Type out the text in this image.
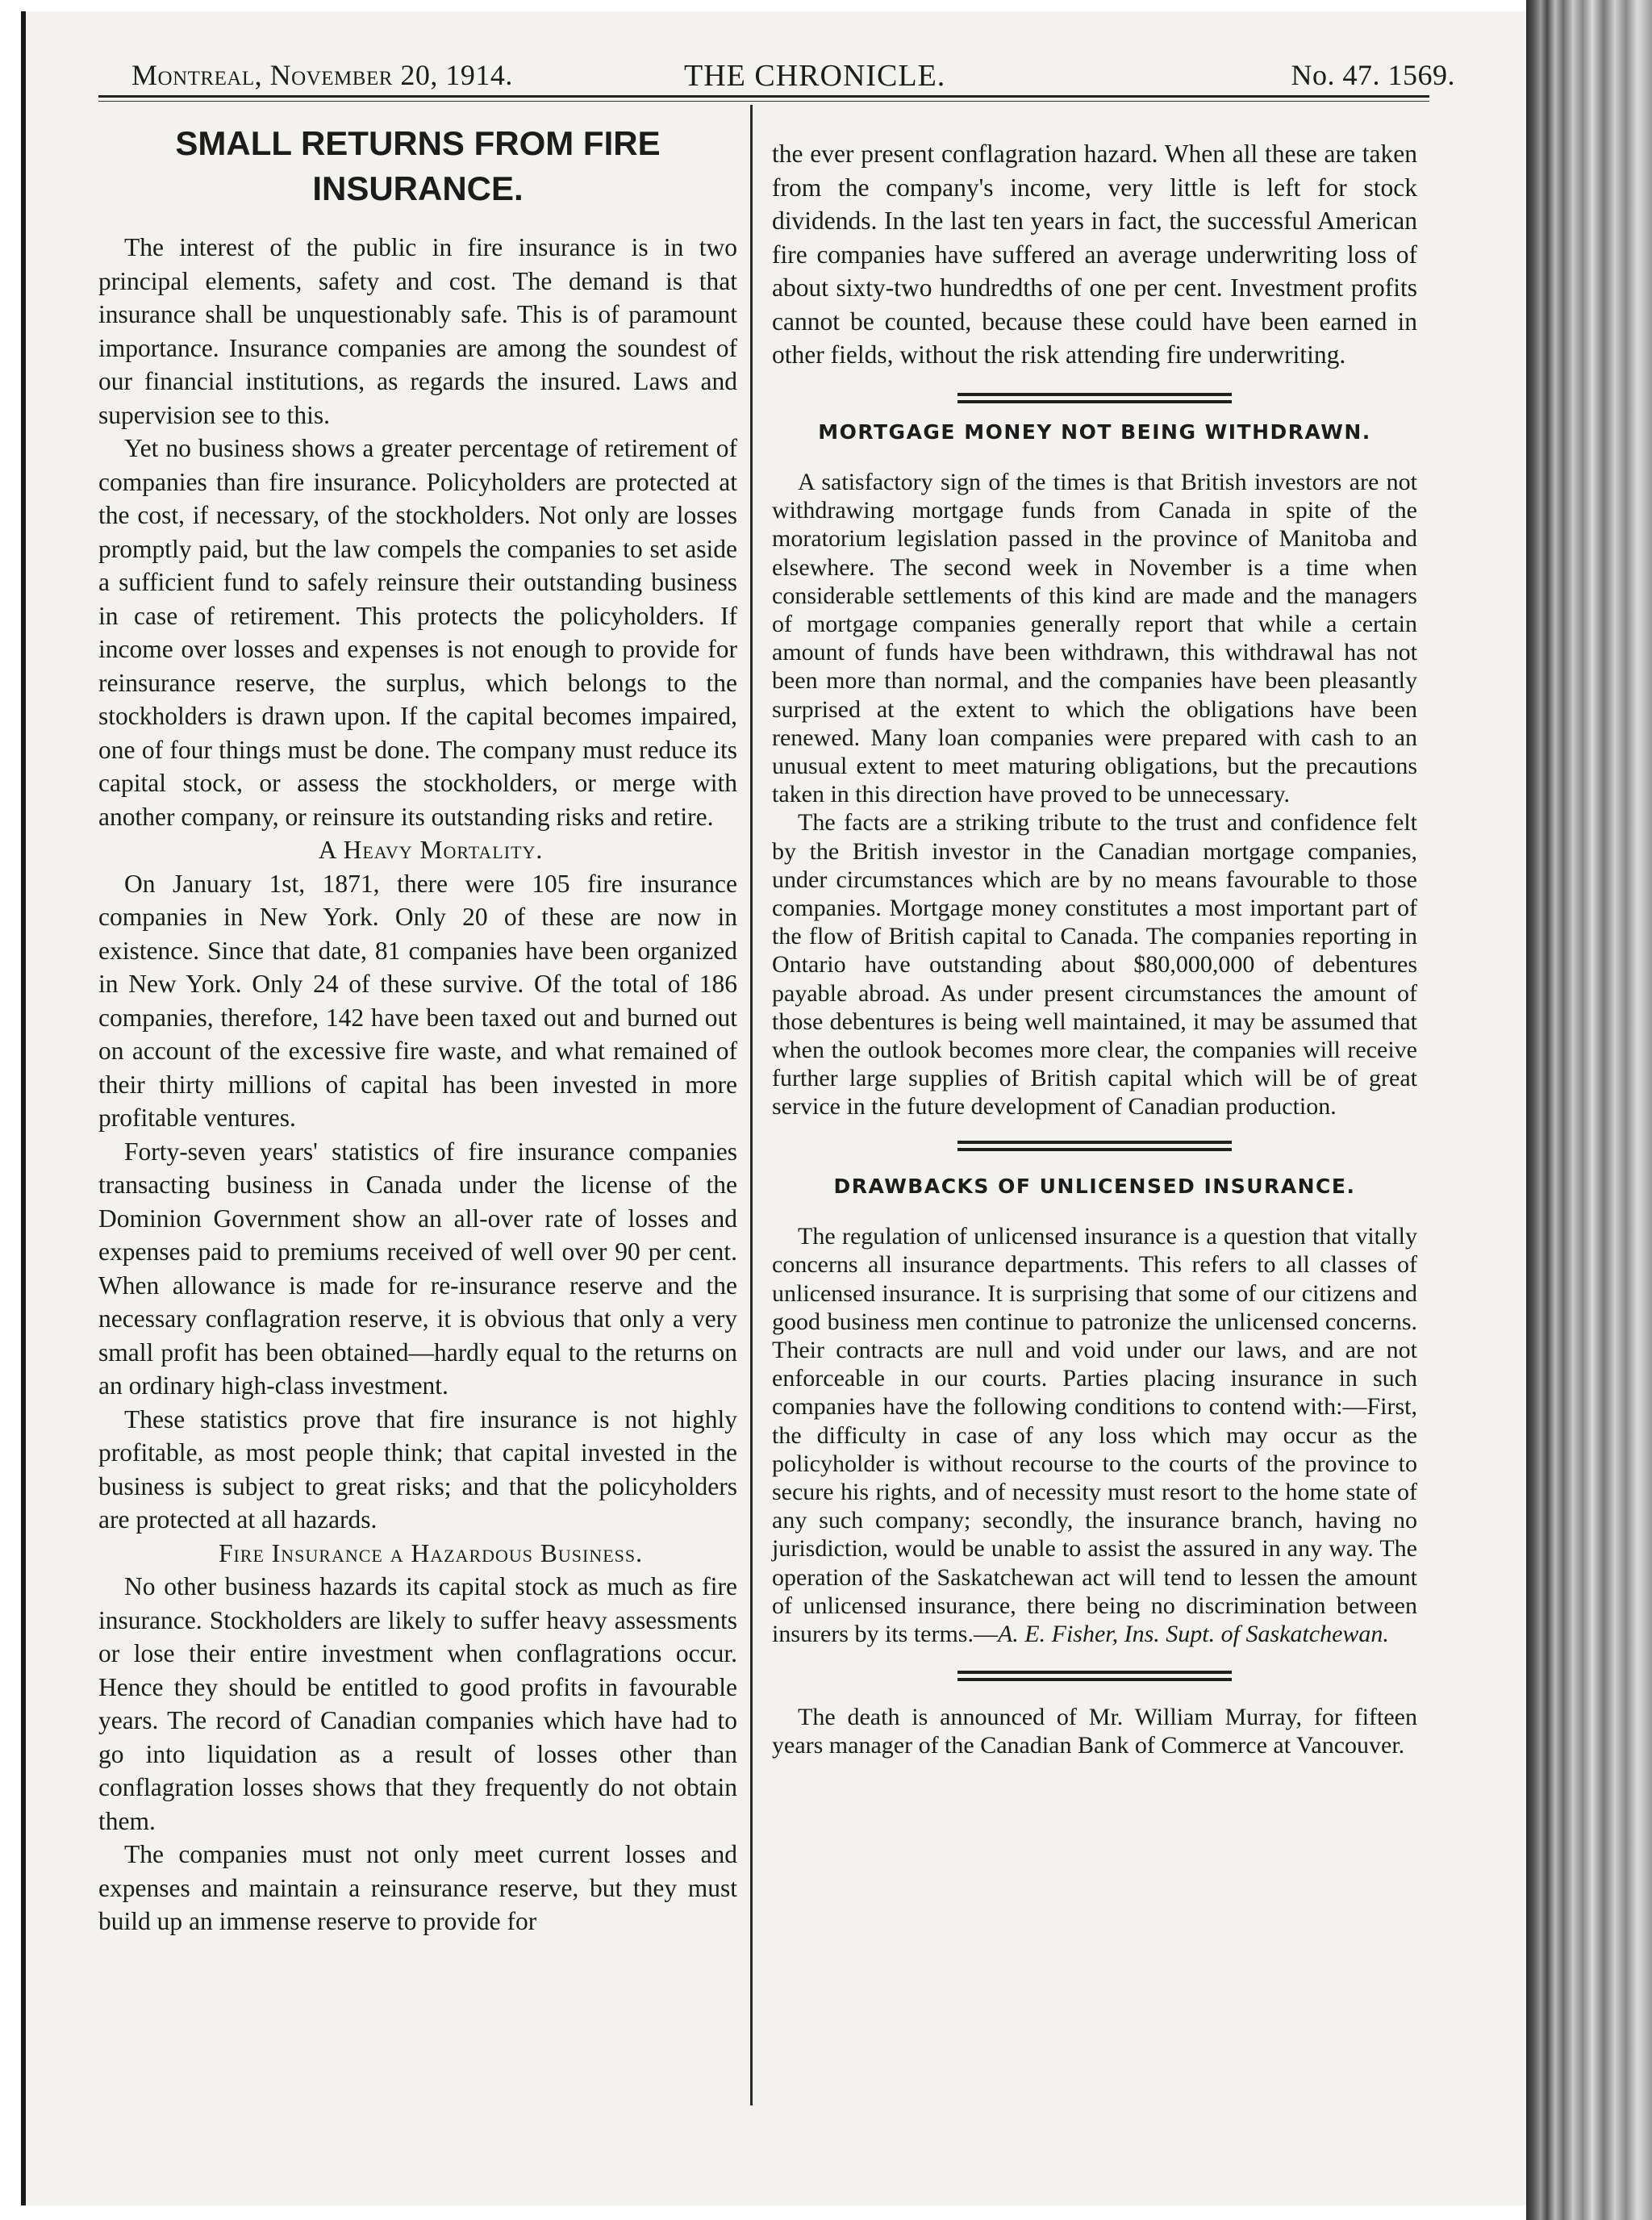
Montreal, November 20, 1914.	THE CHRONICLE.	No. 47. 1569.
SMALL RETURNS FROM FIRE INSURANCE.

The interest of the public in fire insurance is in two principal elements, safety and cost. The demand is that insurance shall be unquestionably safe. This is of paramount importance. Insurance companies are among the soundest of our financial institutions, as regards the insured. Laws and supervision see to this.

Yet no business shows a greater percentage of retirement of companies than fire insurance. Policyholders are protected at the cost, if necessary, of the stockholders. Not only are losses promptly paid, but the law compels the companies to set aside a sufficient fund to safely reinsure their outstanding business in case of retirement. This protects the policyholders. If income over losses and expenses is not enough to provide for reinsurance reserve, the surplus, which belongs to the stockholders is drawn upon. If the capital becomes impaired, one of four things must be done. The company must reduce its capital stock, or assess the stockholders, or merge with another company, or reinsure its outstanding risks and retire.

A Heavy Mortality.

On January 1st, 1871, there were 105 fire insurance companies in New York. Only 20 of these are now in existence. Since that date, 81 companies have been organized in New York. Only 24 of these survive. Of the total of 186 companies, therefore, 142 have been taxed out and burned out on account of the excessive fire waste, and what remained of their thirty millions of capital has been invested in more profitable ventures.

Forty-seven years' statistics of fire insurance companies transacting business in Canada under the license of the Dominion Government show an all-over rate of losses and expenses paid to premiums received of well over 90 per cent. When allowance is made for re-insurance reserve and the necessary conflagration reserve, it is obvious that only a very small profit has been obtained—hardly equal to the returns on an ordinary high-class investment.

These statistics prove that fire insurance is not highly profitable, as most people think; that capital invested in the business is subject to great risks; and that the policyholders are protected at all hazards.

Fire Insurance a Hazardous Business.

No other business hazards its capital stock as much as fire insurance. Stockholders are likely to suffer heavy assessments or lose their entire investment when conflagrations occur. Hence they should be entitled to good profits in favourable years. The record of Canadian companies which have had to go into liquidation as a result of losses other than conflagration losses shows that they frequently do not obtain them.

The companies must not only meet current losses and expenses and maintain a reinsurance reserve, but they must build up an immense reserve to provide for

the ever present conflagration hazard. When all these are taken from the company's income, very little is left for stock dividends. In the last ten years in fact, the successful American fire companies have suffered an average underwriting loss of about sixty-two hundredths of one per cent. Investment profits cannot be counted, because these could have been earned in other fields, without the risk attending fire underwriting.

MORTGAGE MONEY NOT BEING WITHDRAWN.

A satisfactory sign of the times is that British investors are not withdrawing mortgage funds from Canada in spite of the moratorium legislation passed in the province of Manitoba and elsewhere. The second week in November is a time when considerable settlements of this kind are made and the managers of mortgage companies generally report that while a certain amount of funds have been withdrawn, this withdrawal has not been more than normal, and the companies have been pleasantly surprised at the extent to which the obligations have been renewed. Many loan companies were prepared with cash to an unusual extent to meet maturing obligations, but the precautions taken in this direction have proved to be unnecessary.

The facts are a striking tribute to the trust and confidence felt by the British investor in the Canadian mortgage companies, under circumstances which are by no means favourable to those companies. Mortgage money constitutes a most important part of the flow of British capital to Canada. The companies reporting in Ontario have outstanding about $80,000,000 of debentures payable abroad. As under present circumstances the amount of those debentures is being well maintained, it may be assumed that when the outlook becomes more clear, the companies will receive further large supplies of British capital which will be of great service in the future development of Canadian production.

DRAWBACKS OF UNLICENSED INSURANCE.

The regulation of unlicensed insurance is a question that vitally concerns all insurance departments. This refers to all classes of unlicensed insurance. It is surprising that some of our citizens and good business men continue to patronize the unlicensed concerns. Their contracts are null and void under our laws, and are not enforceable in our courts. Parties placing insurance in such companies have the following conditions to contend with:—First, the difficulty in case of any loss which may occur as the policyholder is without recourse to the courts of the province to secure his rights, and of necessity must resort to the home state of any such company; secondly, the insurance branch, having no jurisdiction, would be unable to assist the assured in any way. The operation of the Saskatchewan act will tend to lessen the amount of unlicensed insurance, there being no discrimination between insurers by its terms.—A. E. Fisher, Ins. Supt. of Saskatchewan.

The death is announced of Mr. William Murray, for fifteen years manager of the Canadian Bank of Commerce at Vancouver.
